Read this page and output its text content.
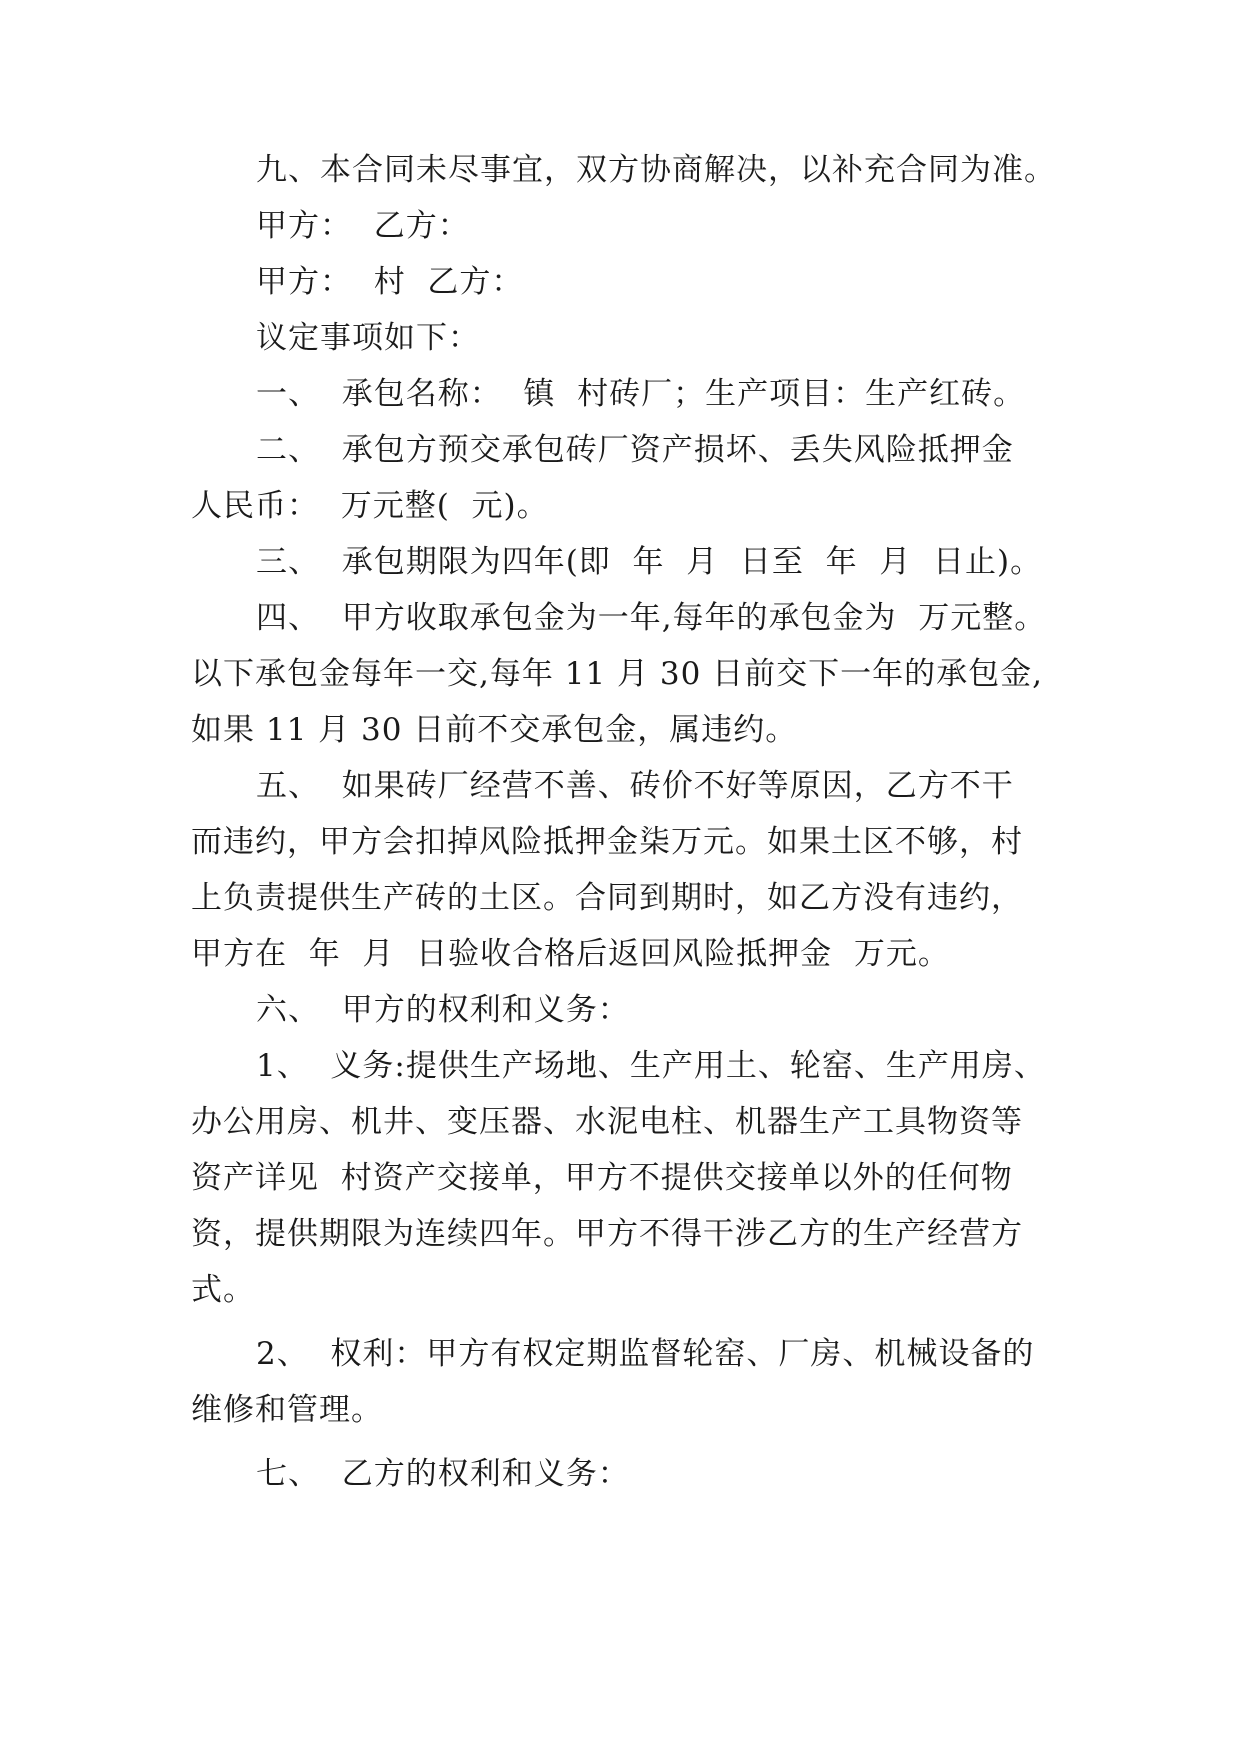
九、本合同未尽事宜，双方协商解决，以补充合同为准。
甲方：  乙方：
甲方：  村  乙方：
议定事项如下：
一、  承包名称：  镇  村砖厂；生产项目：生产红砖。
二、  承包方预交承包砖厂资产损坏、丢失风险抵押金
人民币：  万元整(  元)。
三、  承包期限为四年(即  年  月  日至  年  月  日止)。
四、  甲方收取承包金为一年,每年的承包金为  万元整。
以下承包金每年一交,每年 11 月 30 日前交下一年的承包金,
如果 11 月 30 日前不交承包金，属违约。
五、  如果砖厂经营不善、砖价不好等原因，乙方不干
而违约，甲方会扣掉风险抵押金柒万元。如果土区不够，村
上负责提供生产砖的土区。合同到期时，如乙方没有违约，
甲方在  年  月  日验收合格后返回风险抵押金  万元。
六、  甲方的权利和义务：
1、  义务:提供生产场地、生产用土、轮窑、生产用房、
办公用房、机井、变压器、水泥电柱、机器生产工具物资等
资产详见  村资产交接单，甲方不提供交接单以外的任何物
资，提供期限为连续四年。甲方不得干涉乙方的生产经营方
式。
2、  权利：甲方有权定期监督轮窑、厂房、机械设备的
维修和管理。
七、  乙方的权利和义务：
